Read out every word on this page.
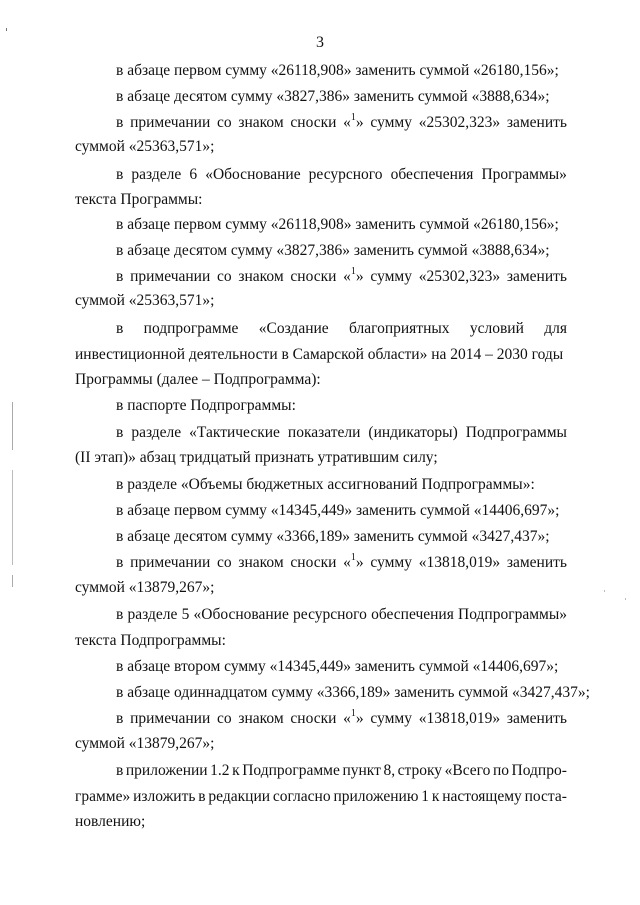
3
в абзаце первом сумму «26118,908» заменить суммой «26180,156»;
в абзаце десятом сумму «3827,386» заменить суммой «3888,634»;
в примечании со знаком сноски «$^1$» сумму «25302,323» заменить
суммой «25363,571»;
в разделе 6 «Обоснование ресурсного обеспечения Программы»
текста Программы:
в абзаце первом сумму «26118,908» заменить суммой «26180,156»;
в абзаце десятом сумму «3827,386» заменить суммой «3888,634»;
в примечании со знаком сноски «$^1$» сумму «25302,323» заменить
суммой «25363,571»;
в подпрограмме «Создание благоприятных условий для
инвестиционной деятельности в Самарской области» на 2014 – 2030 годы
Программы (далее – Подпрограмма):
в паспорте Подпрограммы:
в разделе «Тактические показатели (индикаторы) Подпрограммы
(II этап)» абзац тридцатый признать утратившим силу;
в разделе «Объемы бюджетных ассигнований Подпрограммы»:
в абзаце первом сумму «14345,449» заменить суммой «14406,697»;
в абзаце десятом сумму «3366,189» заменить суммой «3427,437»;
в примечании со знаком сноски «$^1$» сумму «13818,019» заменить
суммой «13879,267»;
в разделе 5 «Обоснование ресурсного обеспечения Подпрограммы»
текста Подпрограммы:
в абзаце втором сумму «14345,449» заменить суммой «14406,697»;
в абзаце одиннадцатом сумму «3366,189» заменить суммой «3427,437»;
в примечании со знаком сноски «$^1$» сумму «13818,019» заменить
суммой «13879,267»;
в приложении 1.2 к Подпрограмме пункт 8, строку «Всего по Подпро-
грамме» изложить в редакции согласно приложению 1 к настоящему поста-
новлению;
